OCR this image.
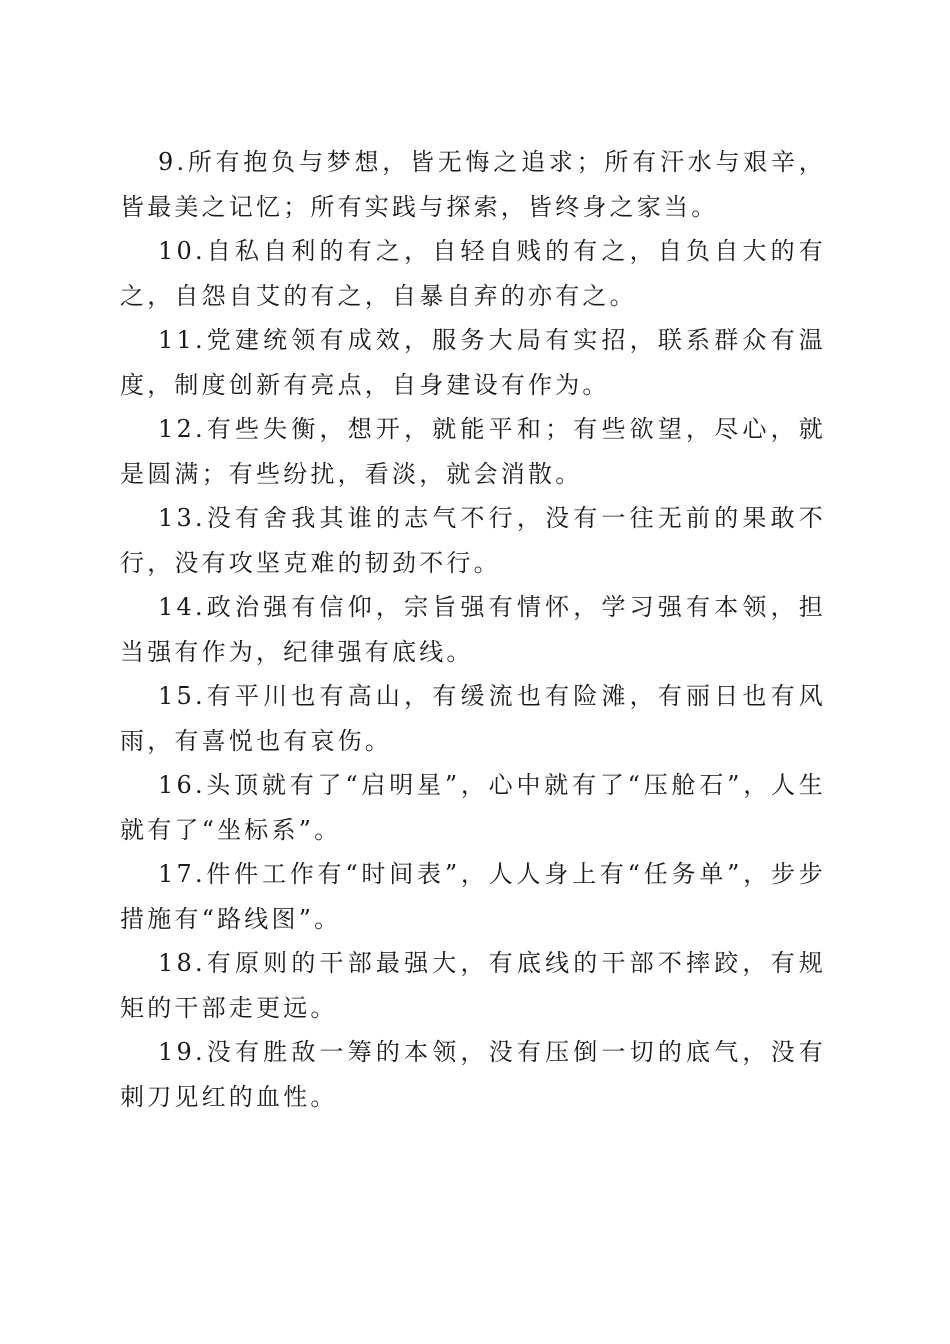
9.所有抱负与梦想，皆无悔之追求；所有汗水与艰辛，皆最美之记忆；所有实践与探索，皆终身之家当。

10.自私自利的有之，自轻自贱的有之，自负自大的有之，自怨自艾的有之，自暴自弃的亦有之。

11.党建统领有成效，服务大局有实招，联系群众有温度，制度创新有亮点，自身建设有作为。

12.有些失衡，想开，就能平和；有些欲望，尽心，就是圆满；有些纷扰，看淡，就会消散。

13.没有舍我其谁的志气不行，没有一往无前的果敢不行，没有攻坚克难的韧劲不行。

14.政治强有信仰，宗旨强有情怀，学习强有本领，担当强有作为，纪律强有底线。

15.有平川也有高山，有缓流也有险滩，有丽日也有风雨，有喜悦也有哀伤。

16.头顶就有了“启明星”，心中就有了“压舱石”，人生就有了“坐标系”。

17.件件工作有“时间表”，人人身上有“任务单”，步步措施有“路线图”。

18.有原则的干部最强大，有底线的干部不摔跤，有规矩的干部走更远。

19.没有胜敌一筹的本领，没有压倒一切的底气，没有刺刀见红的血性。
